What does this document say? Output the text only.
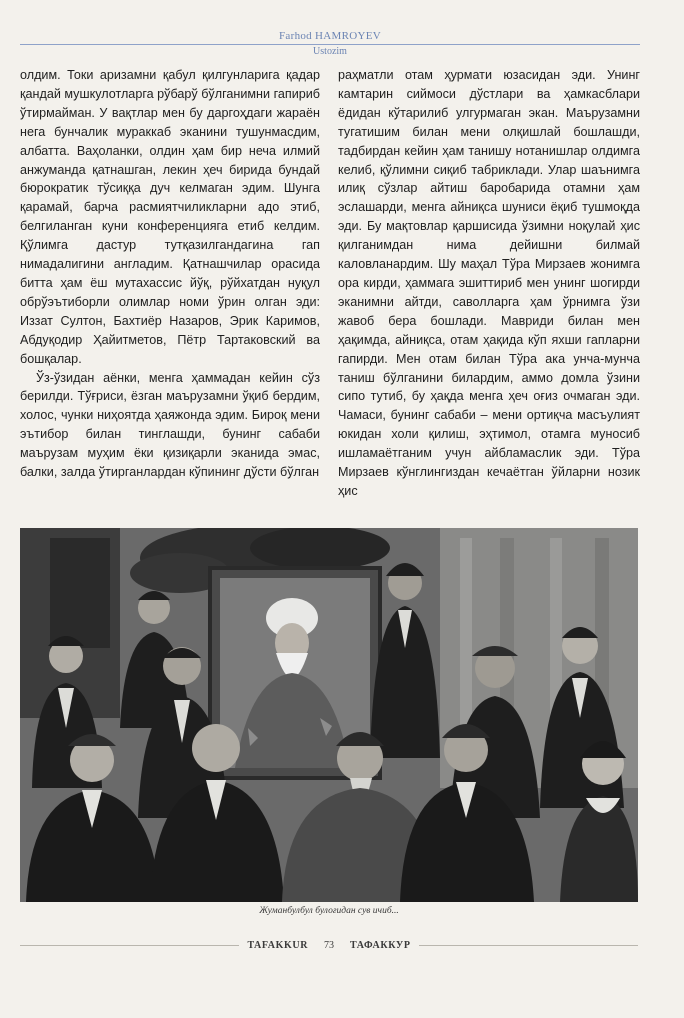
Farhod HAMROYEV
Ustozim

олдим. Токи аризамни қабул қилгунларига қадар қандай мушкулотларга рўбарў бўлганимни гапириб ўтирмайман. У вақтлар мен бу даргоҳдаги жараён нега бунчалик мураккаб эканини тушунмасдим, албатта. Ваҳоланки, олдин ҳам бир неча илмий анжуманда қатнашган, лекин ҳеч бирида бундай бюрократик тўсиққа дуч келмаган эдим. Шунга қарамай, барча расмиятчиликларни адо этиб, белгиланган куни конференцияга етиб келдим. Қўлимга дастур тутқазилгандагина гап нимадалигини англадим. Қатнашчилар орасида битта ҳам ёш мутахассис йўқ, рўйхатдан нуқул обрўэътиборли олимлар номи ўрин олган эди: Иззат Султон, Бахтиёр Назаров, Эрик Каримов, Абдуқодир Ҳайитметов, Пётр Тартаковский ва бошқалар.

Ўз-ўзидан аёнки, менга ҳаммадан кейин сўз берилди. Тўғриси, ёзган маърузамни ўқиб бердим, холос, чунки ниҳоятда ҳаяжонда эдим. Бироқ мени эътибор билан тинглашди, бунинг сабаби маърузам муҳим ёки қизиқарли эканида эмас, балки, залда ўтирганлардан кўпининг дўсти бўлган

раҳматли отам ҳурмати юзасидан эди. Унинг камтарин сиймоси дўстлари ва ҳамкасблари ёдидан кўтарилиб улгурмаган экан. Маърузамни тугатишим билан мени олқишлай бошлашди, тадбирдан кейин ҳам танишу нотанишлар олдимга келиб, қўлимни сиқиб табриклади. Улар шаънимга илиқ сўзлар айтиш баробарида отамни ҳам эслашарди, менга айниқса шуниси ёқиб тушмоқда эди. Бу мақтовлар қаршисида ўзимни ноқулай ҳис қилганимдан нима дейишни билмай каловланардим. Шу маҳал Тўра Мирзаев жонимга ора кирди, ҳаммага эшиттириб мен унинг шогирди эканимни айтди, саволларга ҳам ўрнимга ўзи жавоб бера бошлади. Мавриди билан мен ҳақимда, айниқса, отам ҳақида кўп яхши гапларни гапирди. Мен отам билан Тўра ака унча-мунча таниш бўлганини билардим, аммо домла ўзини сипо тутиб, бу ҳақда менга ҳеч оғиз очмаган эди. Чамаси, бунинг сабаби – мени ортиқча масъулият юкидан холи қилиш, эҳтимол, отамга муносиб ишламаётганим учун айбламаслик эди. Тўра Мирзаев кўнглингиздан кечаётган ўйларни нозик ҳис

Жуманбулбул булоғидан сув ичиб...
TAFAKKUR	73	ТАФАККУР
